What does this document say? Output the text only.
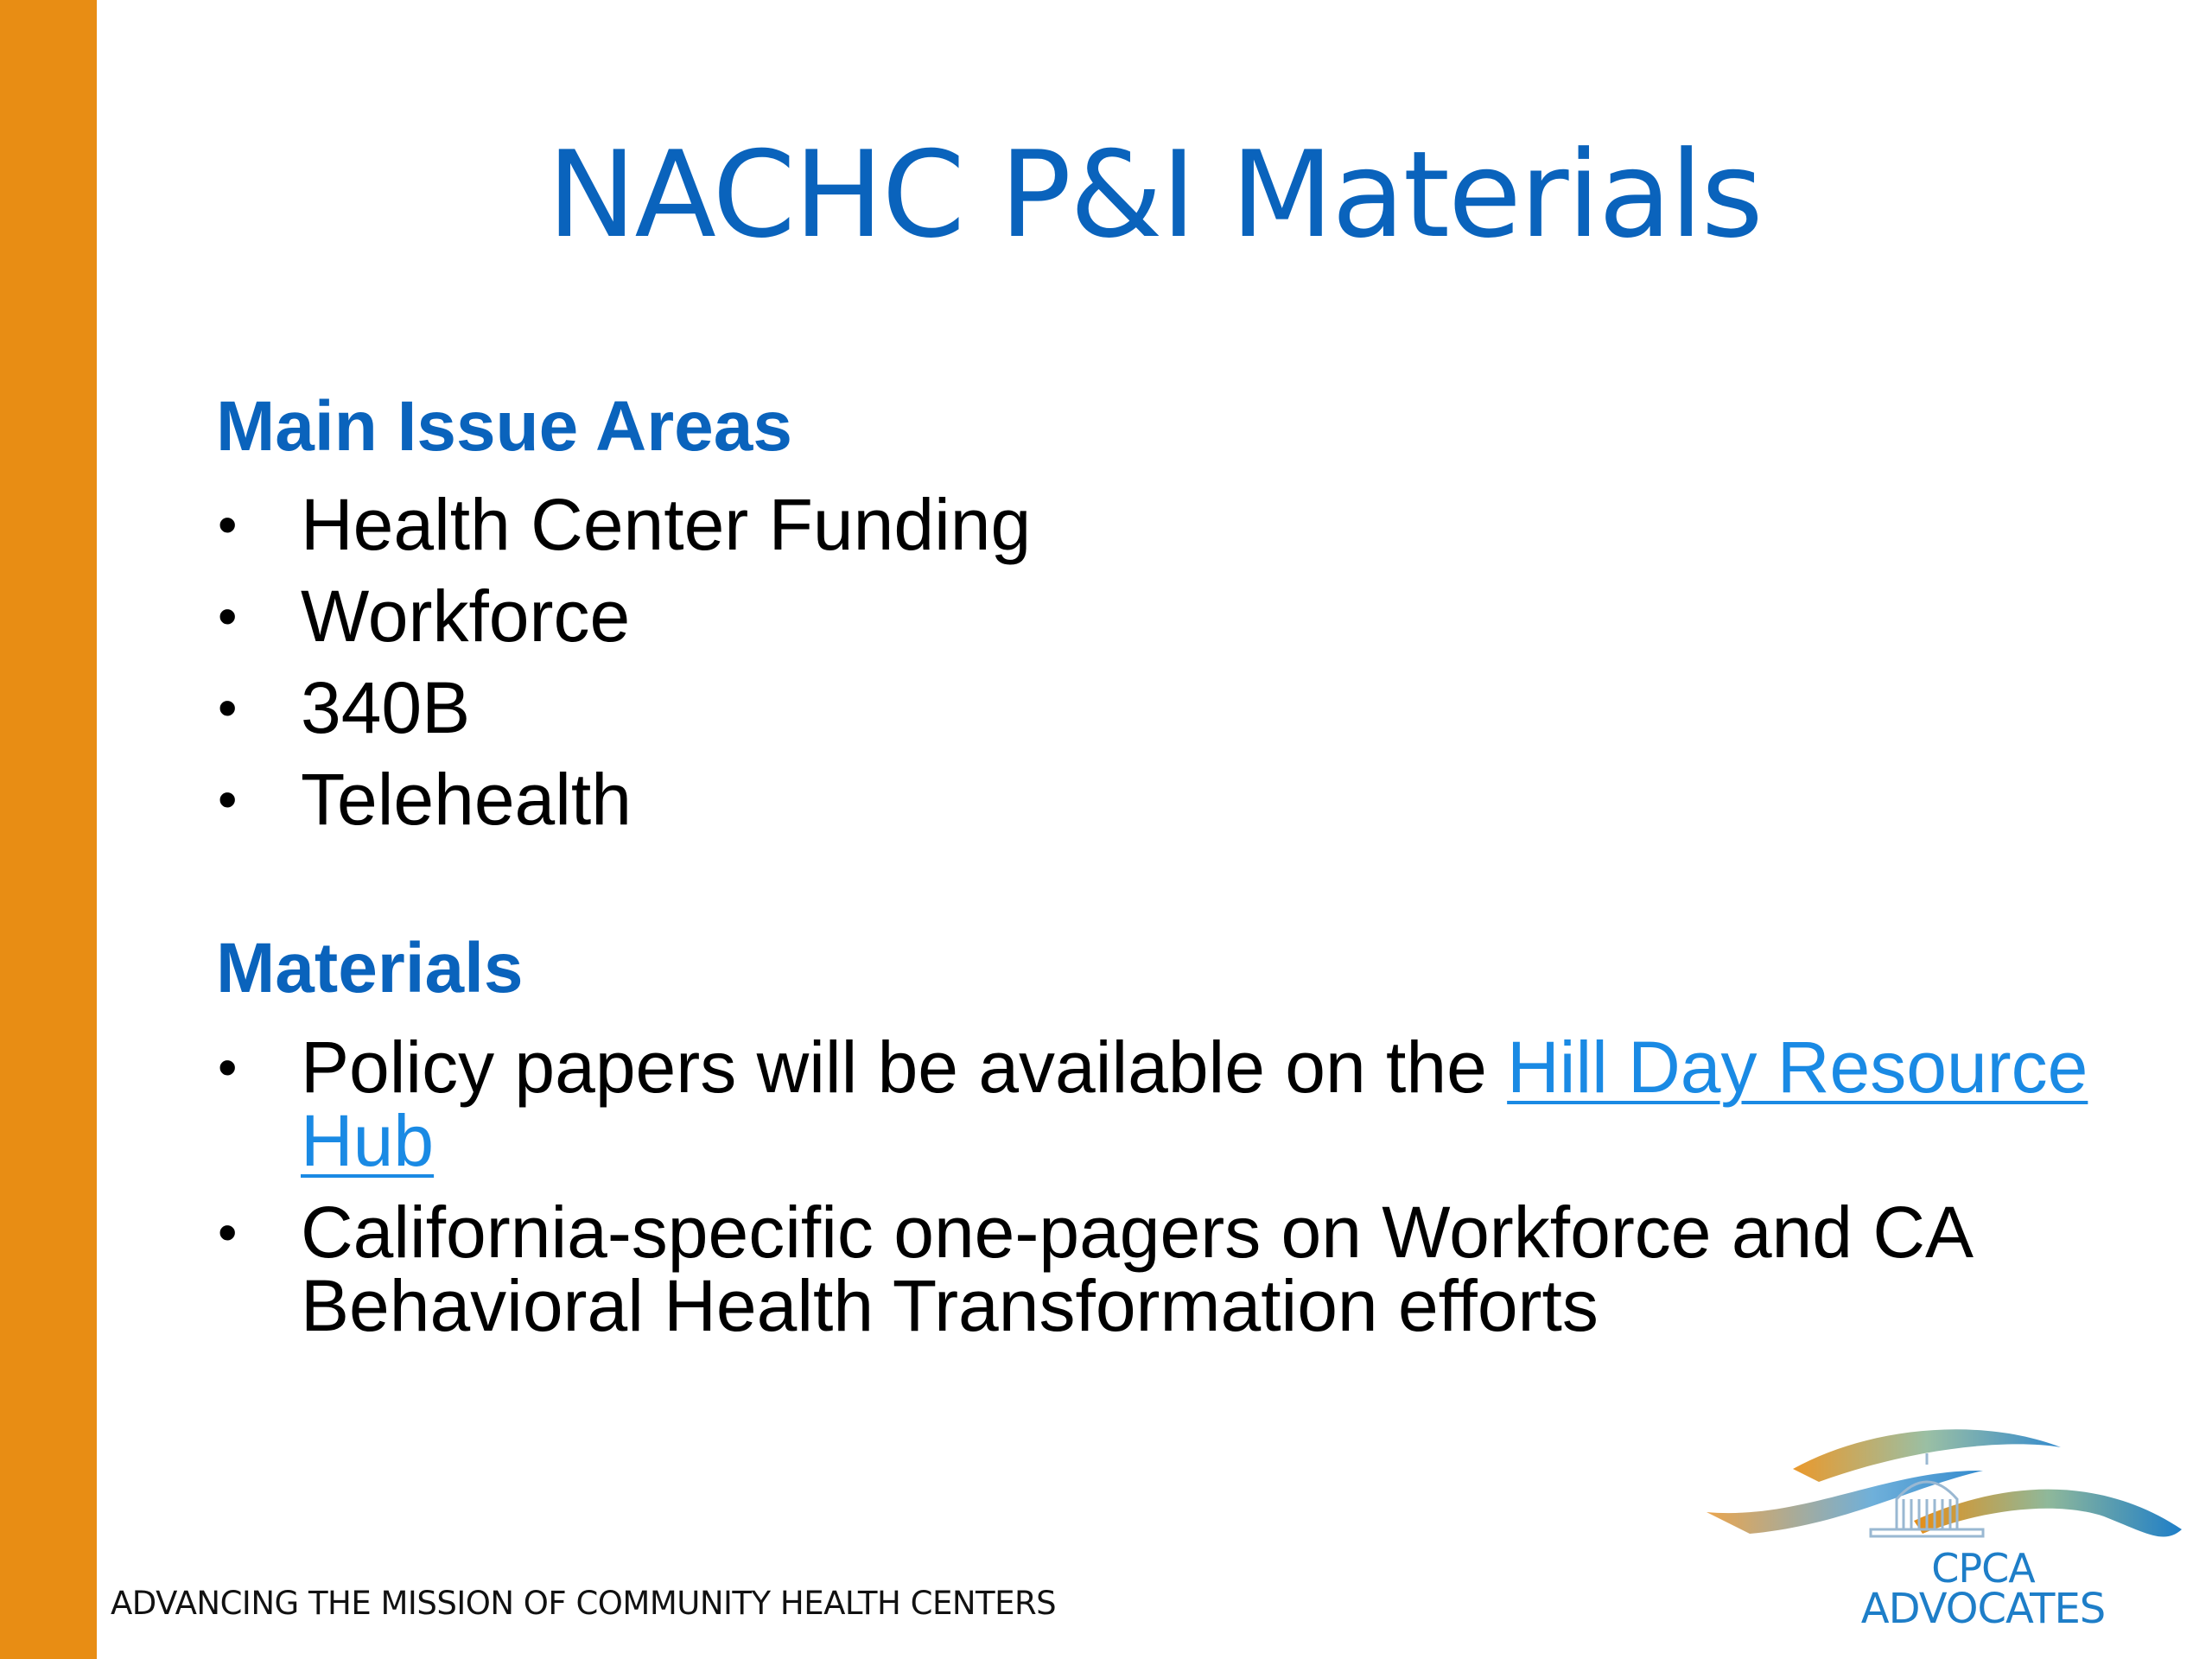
NACHC P&I Materials
Main Issue Areas
• Health Center Funding
• Workforce
• 340B
• Telehealth
Materials
• Policy papers will be available on the Hill Day Resource Hub
• California-specific one-pagers on Workforce and CA Behavioral Health Transformation efforts
ADVANCING THE MISSION OF COMMUNITY HEALTH CENTERS
CPCA
ADVOCATES
